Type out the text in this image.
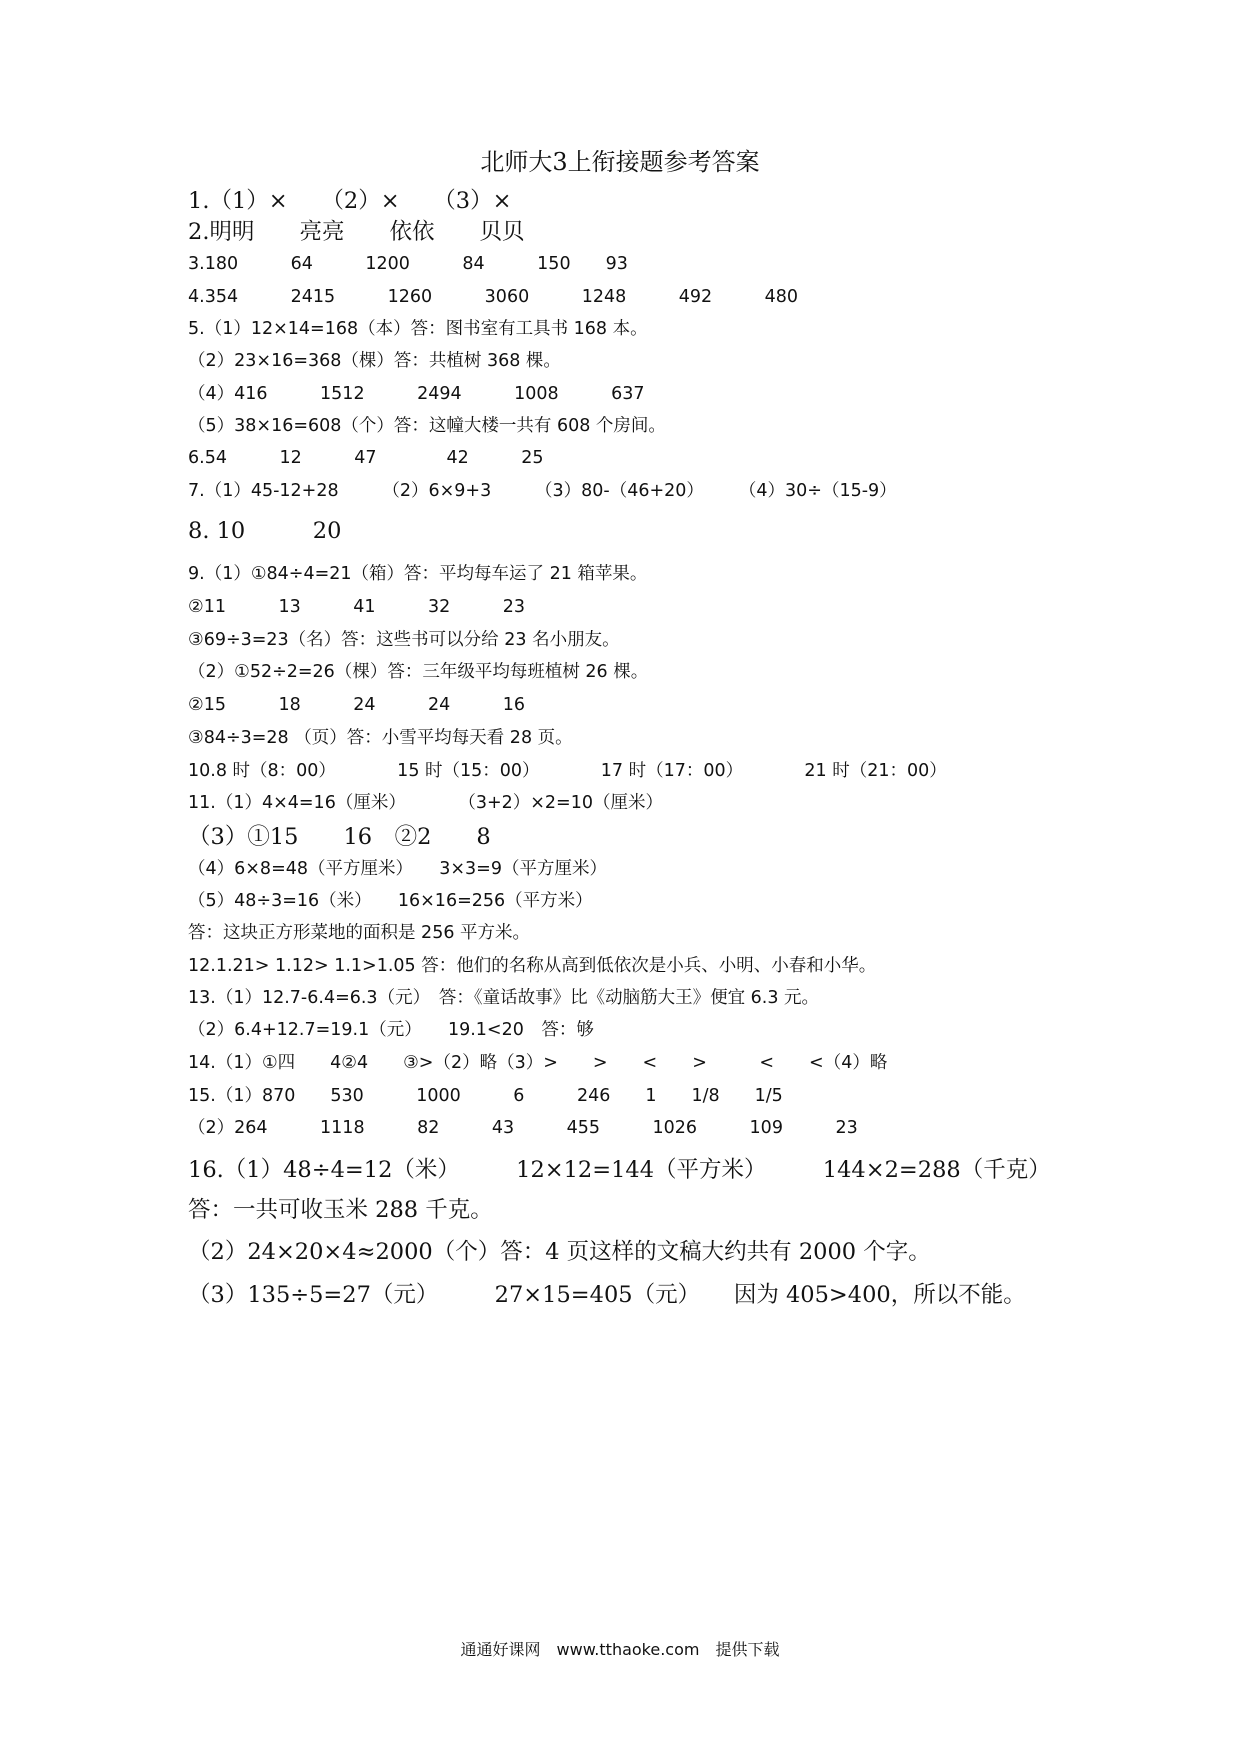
北师大3上衔接题参考答案
1.（1）×　　（2）×　　（3）×
2.明明　　亮亮　　依依　　贝贝
3.180　　　64　　　1200　　　84　　　150　　93
4.354　　　2415　　　1260　　　3060　　　1248　　　492　　　480
5.（1）12×14=168（本）答：图书室有工具书 168 本。
（2）23×16=368（棵）答：共植树 368 棵。
（4）416　　　1512　　　2494　　　1008　　　637
（5）38×16=608（个）答：这幢大楼一共有 608 个房间。
6.54　　　12　　　47　　　　42　　　25
7.（1）45-12+28　　　（2）6×9+3　　　（3）80-（46+20）　　　（4）30÷（15-9）
8. 10　　　20
9.（1）①84÷4=21（箱）答：平均每车运了 21 箱苹果。
②11　　　13　　　41　　　32　　　23
③69÷3=23（名）答：这些书可以分给 23 名小朋友。
（2）①52÷2=26（棵）答：三年级平均每班植树 26 棵。
②15　　　18　　　24　　　24　　　16
③84÷3=28 （页）答：小雪平均每天看 28 页。
10.8 时（8：00）　　　　15 时（15：00）　　　　17 时（17：00）　　　　21 时（21：00）
11.（1）4×4=16（厘米）　　　　（3+2）×2=10（厘米）
（3）①15　　16　②2　　8
（4）6×8=48（平方厘米）　　3×3=9（平方厘米）
（5）48÷3=16（米）　　16×16=256（平方米）
答：这块正方形菜地的面积是 256 平方米。
12.1.21> 1.12> 1.1>1.05 答：他们的名称从高到低依次是小兵、小明、小春和小华。
13.（1）12.7-6.4=6.3（元）　答：《童话故事》比《动脑筋大王》便宜 6.3 元。
（2）6.4+12.7=19.1（元）　　19.1<20　答：够
14.（1）①四　　4②4　　③>（2）略（3）>　　>　　<　　>　　　<　　<（4）略
15.（1）870　　530　　　1000　　　6　　　246　　1　　1/8　　1/5
（2）264　　　1118　　　82　　　43　　　455　　　1026　　　109　　　23
16.（1）48÷4=12（米）　　　12×12=144（平方米）　　　144×2=288（千克）
答：一共可收玉米 288 千克。
（2）24×20×4≈2000（个）答：4 页这样的文稿大约共有 2000 个字。
（3）135÷5=27（元）　　　27×15=405（元）　　因为 405>400，所以不能。
通通好课网　www.tthaoke.com　提供下载
